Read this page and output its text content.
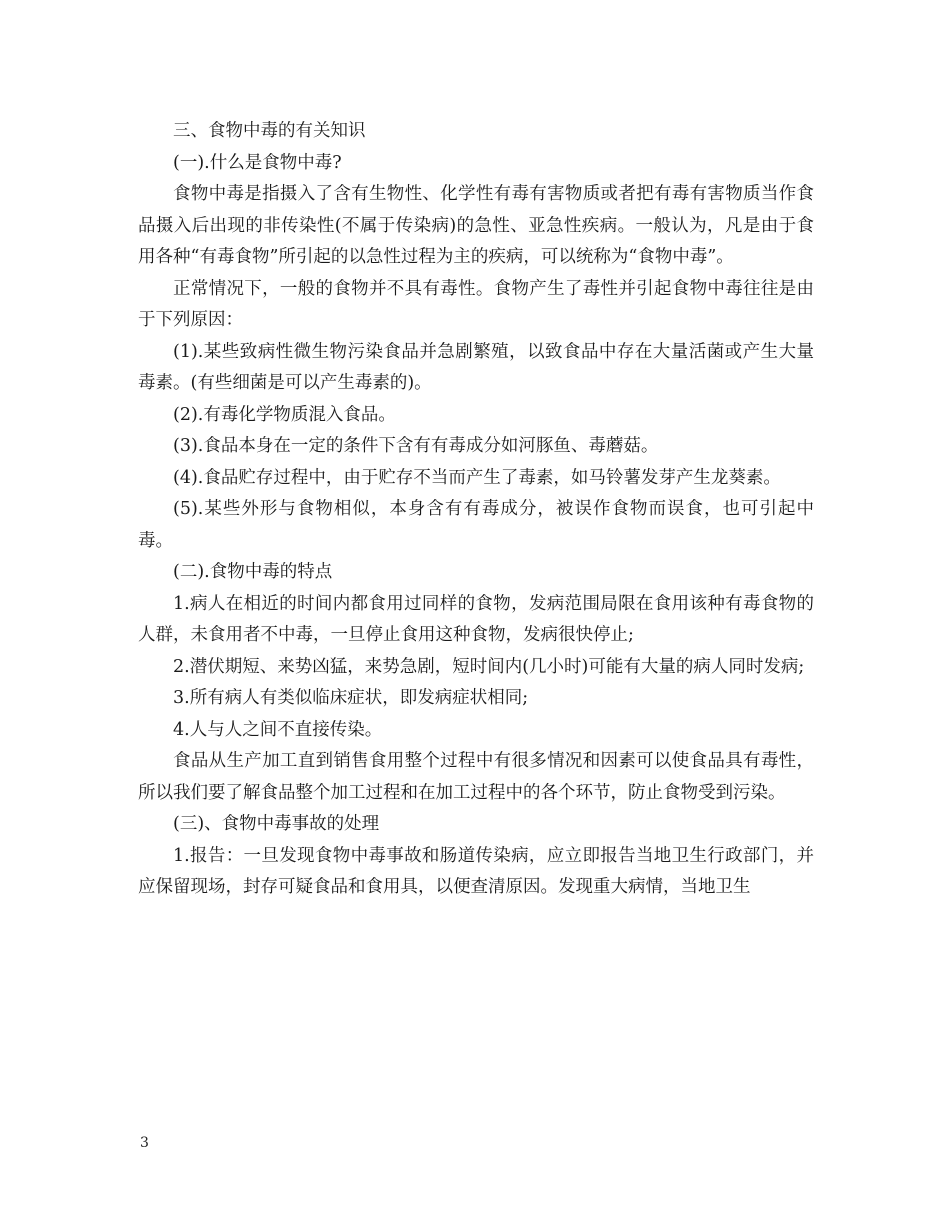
三、食物中毒的有关知识

(一).什么是食物中毒?

食物中毒是指摄入了含有生物性、化学性有毒有害物质或者把有毒有害物质当作食品摄入后出现的非传染性(不属于传染病)的急性、亚急性疾病。一般认为，凡是由于食用各种“有毒食物”所引起的以急性过程为主的疾病，可以统称为“食物中毒”。

正常情况下，一般的食物并不具有毒性。食物产生了毒性并引起食物中毒往往是由于下列原因：

(1).某些致病性微生物污染食品并急剧繁殖，以致食品中存在大量活菌或产生大量毒素。(有些细菌是可以产生毒素的)。

(2).有毒化学物质混入食品。

(3).食品本身在一定的条件下含有有毒成分如河豚鱼、毒蘑菇。

(4).食品贮存过程中，由于贮存不当而产生了毒素，如马铃薯发芽产生龙葵素。

(5).某些外形与食物相似，本身含有有毒成分，被误作食物而误食，也可引起中毒。

(二).食物中毒的特点

1.病人在相近的时间内都食用过同样的食物，发病范围局限在食用该种有毒食物的人群，未食用者不中毒，一旦停止食用这种食物，发病很快停止;

2.潜伏期短、来势凶猛，来势急剧，短时间内(几小时)可能有大量的病人同时发病;

3.所有病人有类似临床症状，即发病症状相同;

4.人与人之间不直接传染。

食品从生产加工直到销售食用整个过程中有很多情况和因素可以使食品具有毒性，所以我们要了解食品整个加工过程和在加工过程中的各个环节，防止食物受到污染。

(三)、食物中毒事故的处理

1.报告：一旦发现食物中毒事故和肠道传染病，应立即报告当地卫生行政部门，并应保留现场，封存可疑食品和食用具，以便查清原因。发现重大病情，当地卫生

3
